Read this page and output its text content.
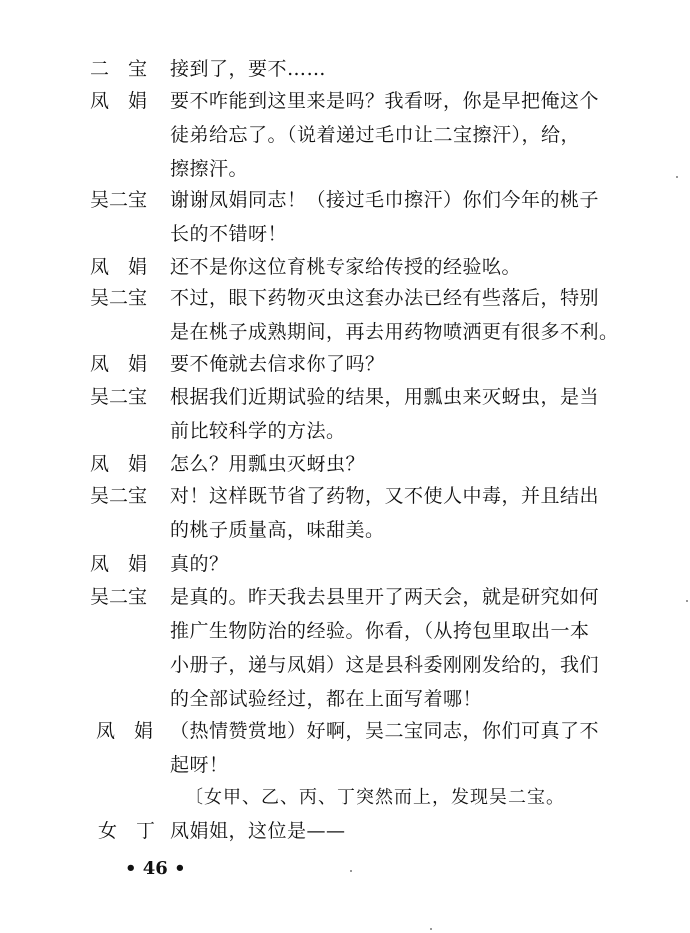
二　宝	接到了，要不……
凤　娟	要不咋能到这里来是吗？我看呀，你是早把俺这个
徒弟给忘了。（说着递过毛巾让二宝擦汗），给，
擦擦汗。
吴二宝	谢谢凤娟同志！（接过毛巾擦汗）你们今年的桃子
长的不错呀！
凤　娟	还不是你这位育桃专家给传授的经验吆。
吴二宝	不过，眼下药物灭虫这套办法已经有些落后，特别
是在桃子成熟期间，再去用药物喷洒更有很多不利。
凤　娟	要不俺就去信求你了吗？
吴二宝	根据我们近期试验的结果，用瓢虫来灭蚜虫，是当
前比较科学的方法。
凤　娟	怎么？用瓢虫灭蚜虫？
吴二宝	对！这样既节省了药物，又不使人中毒，并且结出
的桃子质量高，味甜美。
凤　娟	真的？
吴二宝	是真的。昨天我去县里开了两天会，就是研究如何
推广生物防治的经验。你看，（从挎包里取出一本
小册子，递与凤娟）这是县科委刚刚发给的，我们
的全部试验经过，都在上面写着哪！
凤　娟 （热情赞赏地）好啊，吴二宝同志，你们可真了不
起呀！
〔女甲、乙、丙、丁突然而上，发现吴二宝。
女　丁 凤娟姐，这位是——
• 46 •
